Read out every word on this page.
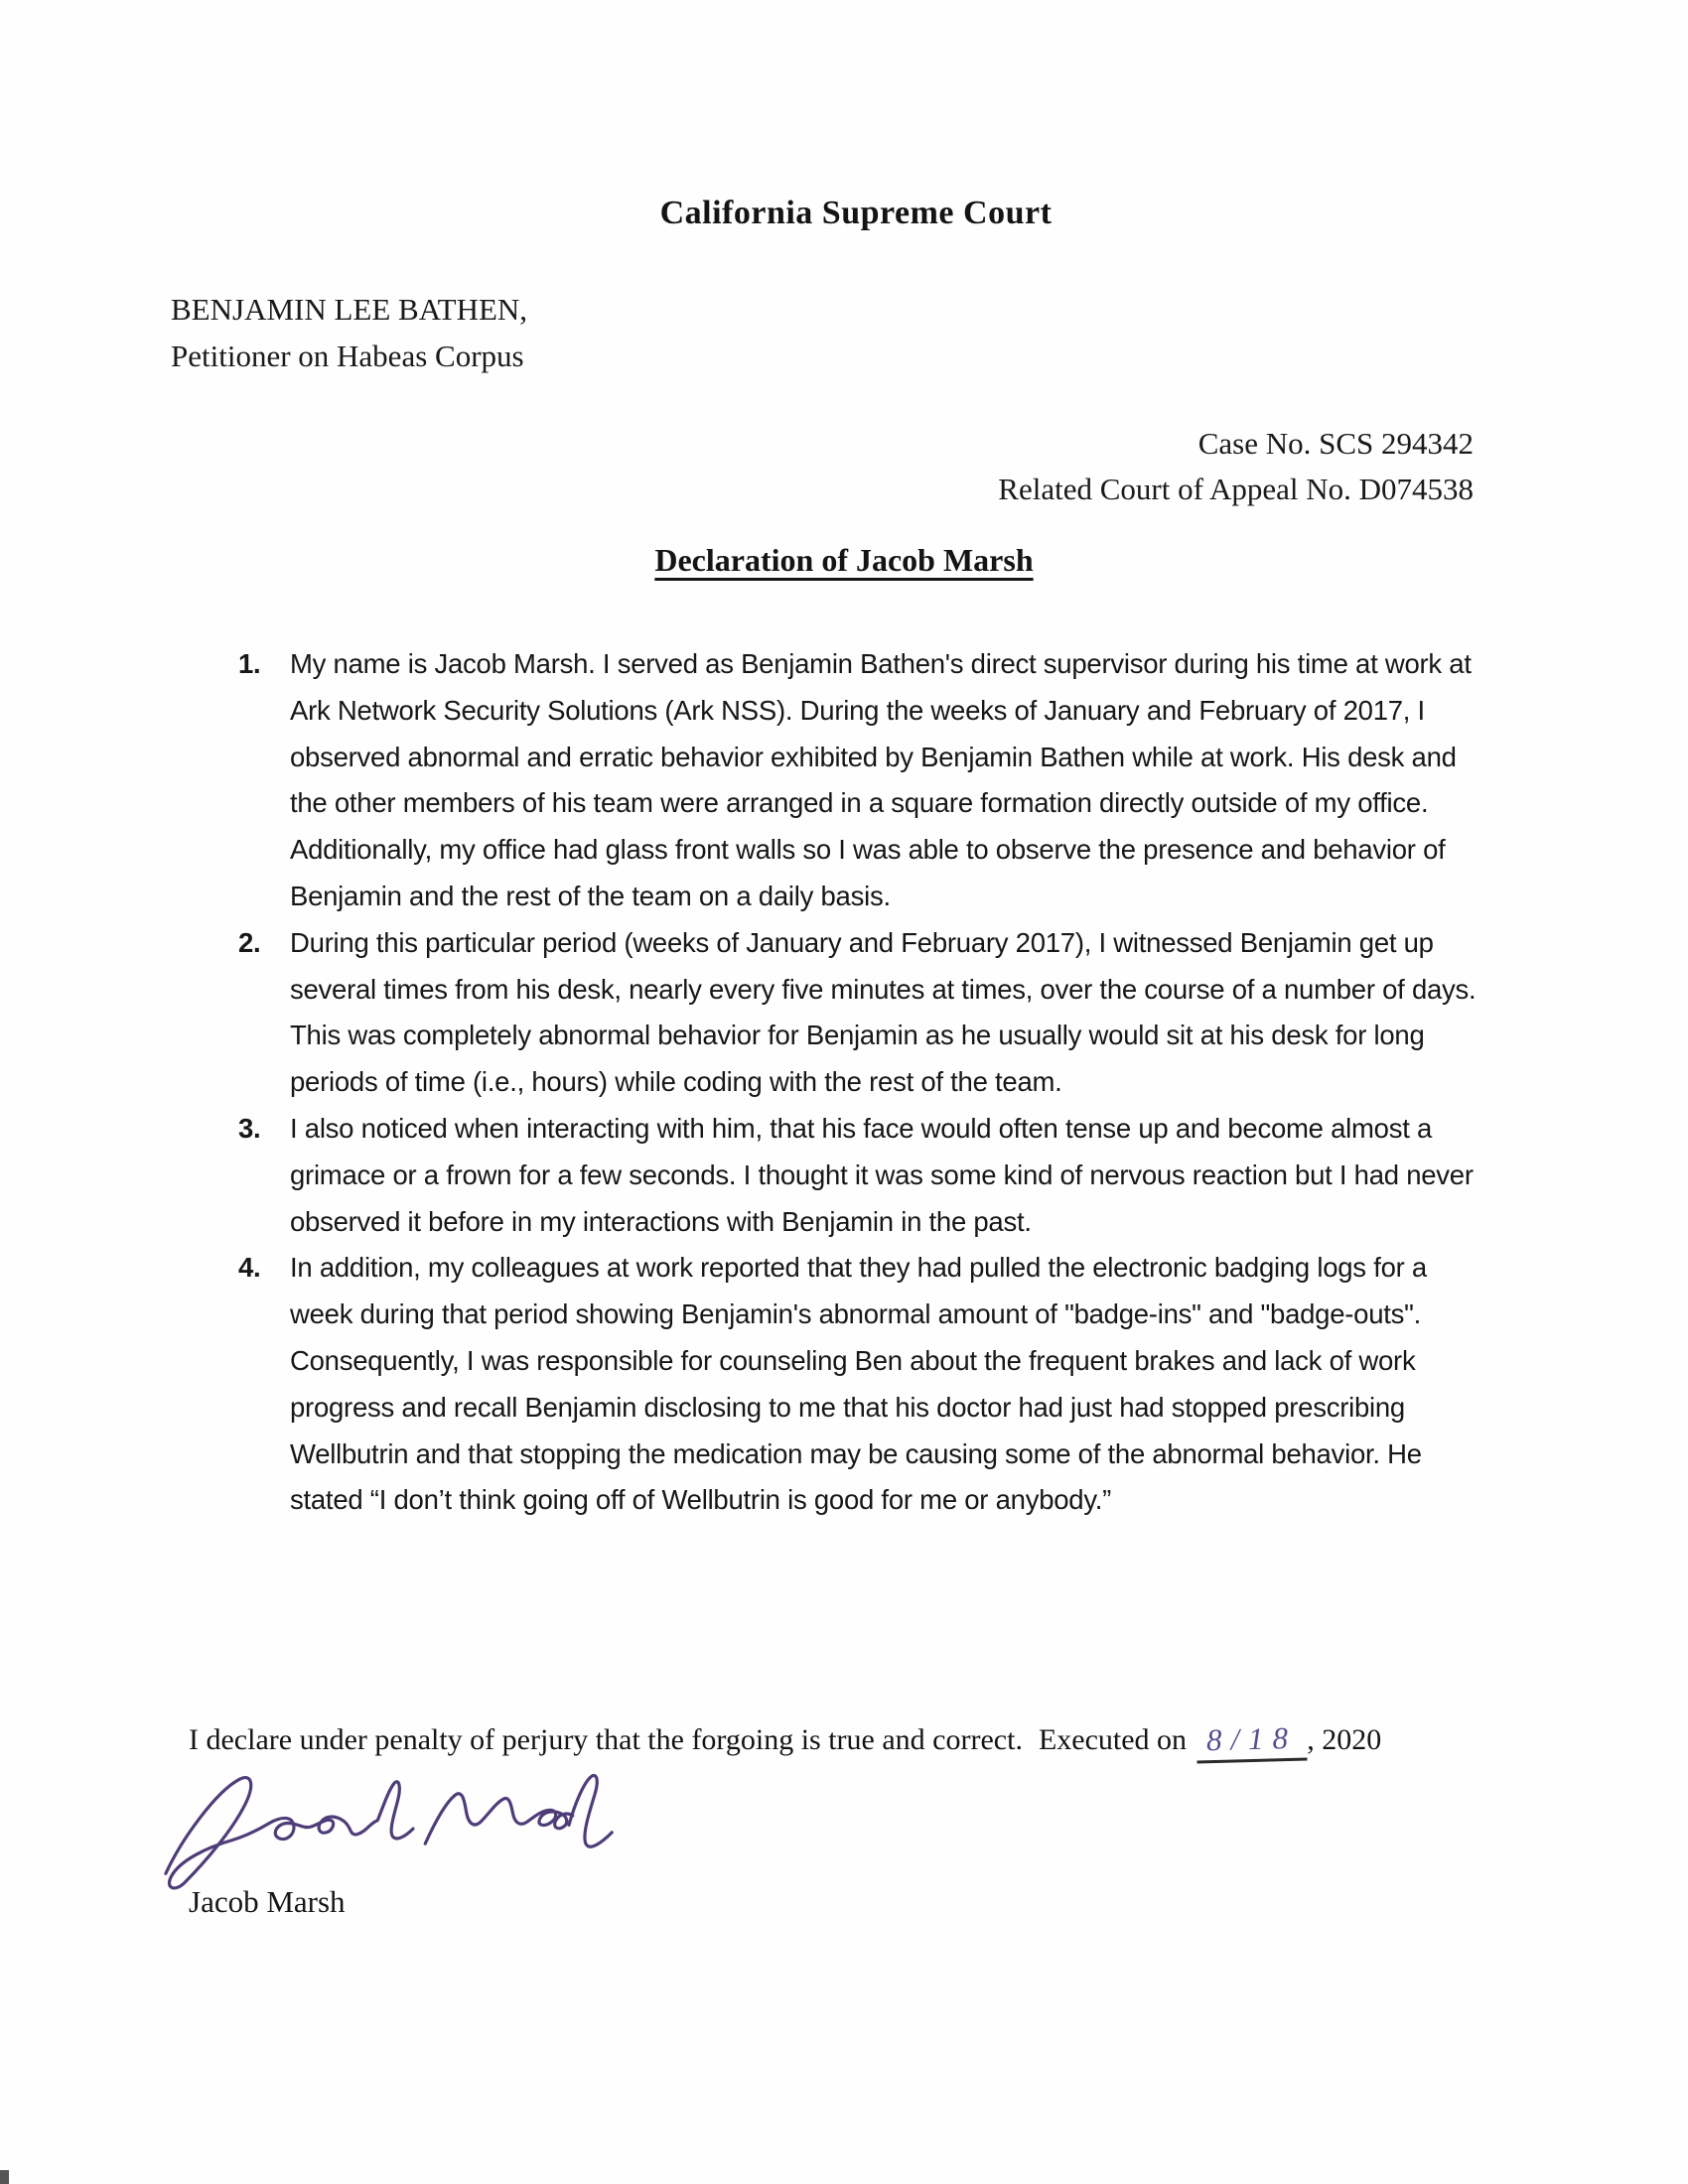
California Supreme Court
BENJAMIN LEE BATHEN,
Petitioner on Habeas Corpus
Case No. SCS 294342
Related Court of Appeal No. D074538
Declaration of Jacob Marsh
1.	My name is Jacob Marsh. I served as Benjamin Bathen's direct supervisor during his time at work at Ark Network Security Solutions (Ark NSS). During the weeks of January and February of 2017, I observed abnormal and erratic behavior exhibited by Benjamin Bathen while at work. His desk and the other members of his team were arranged in a square formation directly outside of my office. Additionally, my office had glass front walls so I was able to observe the presence and behavior of Benjamin and the rest of the team on a daily basis.
2.	During this particular period (weeks of January and February 2017), I witnessed Benjamin get up several times from his desk, nearly every five minutes at times, over the course of a number of days. This was completely abnormal behavior for Benjamin as he usually would sit at his desk for long periods of time (i.e., hours) while coding with the rest of the team.
3.	I also noticed when interacting with him, that his face would often tense up and become almost a grimace or a frown for a few seconds. I thought it was some kind of nervous reaction but I had never observed it before in my interactions with Benjamin in the past.
4.	In addition, my colleagues at work reported that they had pulled the electronic badging logs for a week during that period showing Benjamin's abnormal amount of "badge-ins" and "badge-outs". Consequently, I was responsible for counseling Ben about the frequent brakes and lack of work progress and recall Benjamin disclosing to me that his doctor had just had stopped prescribing Wellbutrin and that stopping the medication may be causing some of the abnormal behavior. He stated “I don’t think going off of Wellbutrin is good for me or anybody.”
I declare under penalty of perjury that the forgoing is true and correct. Executed on 8/18 , 2020
Jacob Marsh
